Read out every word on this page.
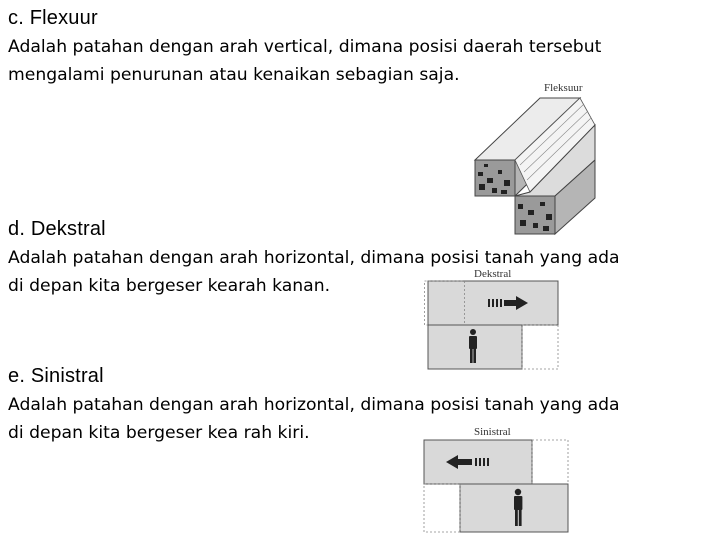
c. Flexuur

Adalah patahan dengan arah vertical, dimana posisi daerah tersebut

mengalami penurunan atau kenaikan sebagian saja.

Fleksuur
d. Dekstral

Adalah patahan dengan arah horizontal, dimana posisi tanah yang ada

di depan kita bergeser kearah kanan.

Dekstral
e. Sinistral

Adalah patahan dengan arah horizontal, dimana posisi tanah yang ada

di depan kita bergeser kea rah kiri.	Sinistral
